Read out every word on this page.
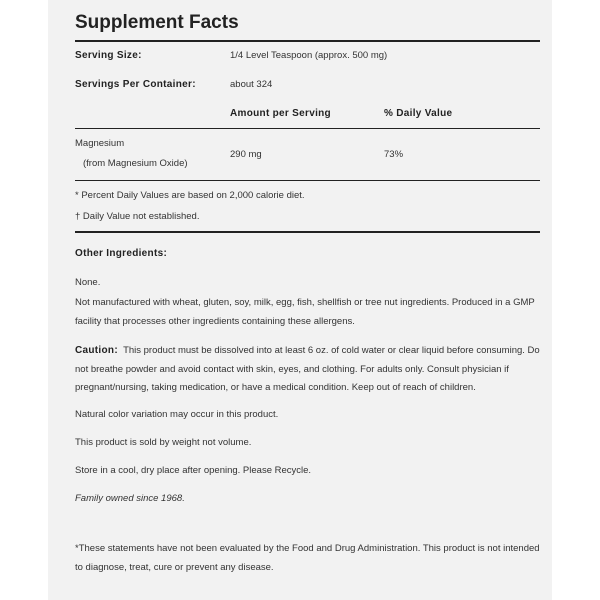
Supplement Facts
Serving Size:	1/4 Level Teaspoon (approx. 500 mg)
Servings Per Container:	about 324
Amount per Serving	% Daily Value
Magnesium
(from Magnesium Oxide)
290 mg	73%
* Percent Daily Values are based on 2,000 calorie diet.
† Daily Value not established.
Other Ingredients:
None.
Not manufactured with wheat, gluten, soy, milk, egg, fish, shellfish or tree nut ingredients. Produced in a GMP facility that processes other ingredients containing these allergens.
Caution: This product must be dissolved into at least 6 oz. of cold water or clear liquid before consuming. Do not breathe powder and avoid contact with skin, eyes, and clothing. For adults only. Consult physician if pregnant/nursing, taking medication, or have a medical condition. Keep out of reach of children.
Natural color variation may occur in this product.
This product is sold by weight not volume.
Store in a cool, dry place after opening. Please Recycle.
Family owned since 1968.
*These statements have not been evaluated by the Food and Drug Administration. This product is not intended to diagnose, treat, cure or prevent any disease.
